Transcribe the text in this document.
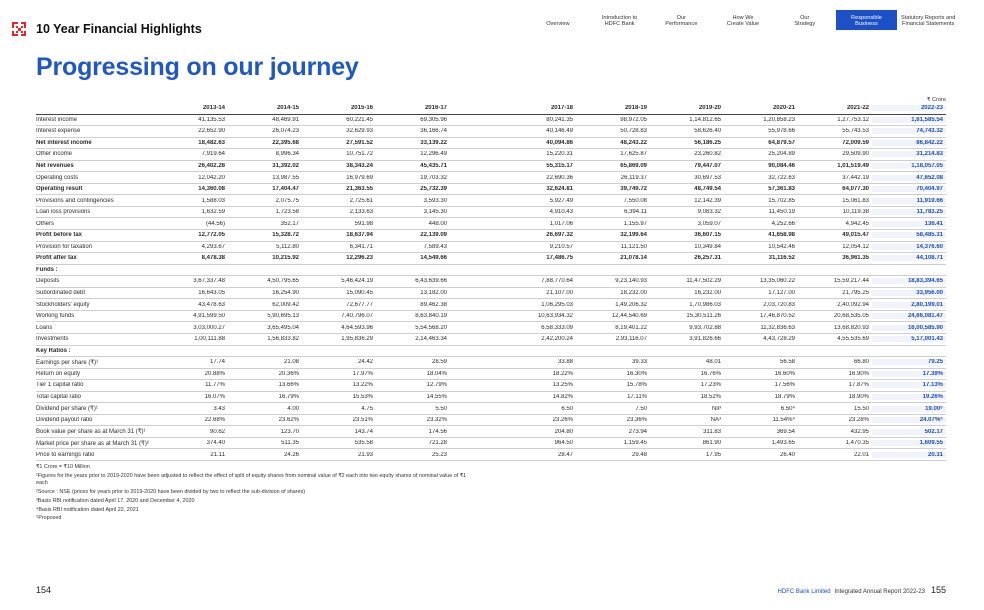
10 Year Financial Highlights	Overview
Introduction to
HDFC Bank
Our
Performance
How We
Create Value
Our
Strategy
Responsible
Business
Statutory Reports and
Financial Statements
Progressing on our journey
₹ Crore
2013-14	2014-15	2015-16	2016-17	2017-18	2018-19	2019-20	2020-21	2021-22	2022-23
Interest income	41,135.53	48,469.91	60,221.45	69,305.96	80,241.35	98,972.05	1,14,812.65	1,20,858.23	1,27,753.12	1,61,585.54
Interest expense	22,652.90	26,074.23	32,629.93	36,166.74	40,146.49	50,728.83	58,626.40	55,978.66	55,743.53	74,743.32
Net interest income	18,482.63	22,395.68	27,591.52	33,139.22	40,094.86	48,243.22	56,186.25	64,879.57	72,009.59	86,842.22
Other income	7,919.64	8,996.34	10,751.72	12,296.49	15,220.31	17,625.87	23,260.82	25,204.89	29,509.90	31,214.83
Net revenues	26,402.28	31,392.02	38,343.24	45,435.71	55,315.17	65,869.09	79,447.07	90,084.46	1,01,519.49	1,18,057.05
Operating costs	12,042.20	13,987.55	16,979.69	19,703.32	22,690.36	26,119.37	30,697.53	32,722.63	37,442.19	47,652.08
Operating result	14,360.08	17,404.47	21,363.55	25,732.39	32,624.81	39,749.72	48,749.54	57,361.83	64,077.30	70,404.97
Provisions and contingencies	1,588.03	2,075.75	2,725.61	3,593.30	5,927.49	7,550.08	12,142.39	15,702.85	15,061.83	11,919.66
Loan loss provisions	1,632.59	1,723.58	2,133.63	3,145.30	4,910.43	6,394.11	9,083.32	11,450.19	10,119.38	11,783.25
Others	(44.56)	352.17	591.98	448.00	1,017.06	1,155.97	3,059.07	4,252.66	4,942.45	136.41
Profit before tax	12,772.05	15,328.72	18,637.94	22,139.09	26,697.32	32,199.64	36,607.15	41,658.98	49,015.47	58,485.31
Provision for taxation	4,293.67	5,112.80	6,341.71	7,589.43	9,210.57	11,121.50	10,349.84	10,542.46	12,054.12	14,376.60
Profit after tax	8,478.38	10,215.92	12,296.23	14,549.66	17,486.75	21,078.14	26,257.31	31,116.52	36,961.35	44,108.71
Funds :
Deposits	3,67,337.48	4,50,795.65	5,46,424.19	6,43,639.66	7,88,770.64	9,23,140.93	11,47,502.29	13,35,060.22	15,59,217.44	18,83,394.65
Subordinated debt	16,643.05	16,254.90	15,090.45	13,182.00	21,107.00	18,232.00	16,232.00	17,127.00	21,795.25	33,956.00
Stockholders' equity	43,478.63	62,009.42	72,677.77	89,462.38	1,06,295.03	1,49,206.32	1,70,986.03	2,03,720.83	2,40,092.94	2,80,199.01
Working funds	4,91,599.50	5,90,695.13	7,40,796.07	8,63,840.19	10,63,934.32	12,44,540.69	15,30,511.26	17,46,870.52	20,68,535.05	24,66,081.47
Loans	3,03,000.27	3,65,495.04	4,64,593.96	5,54,568.20	6,58,333.09	8,19,401.22	9,93,702.88	11,32,836.63	13,68,820.93	16,00,585.90
Investments	1,00,111.88	1,56,833.82	1,95,836.29	2,14,463.34	2,42,200.24	2,93,116.07	3,91,826.66	4,43,728.29	4,55,535.69	5,17,001.43
Key Ratios :
Earnings per share (₹)¹	17.74	21.08	24.42	28.59	33.88	39.33	48.01	56.58	66.80	79.25
Return on equity	20.88%	20.36%	17.97%	18.04%	18.22%	16.30%	16.76%	16.60%	16.90%	17.39%
Tier 1 capital ratio	11.77%	13.66%	13.22%	12.79%	13.25%	15.78%	17.23%	17.56%	17.87%	17.13%
Total capital ratio	16.07%	16.79%	15.53%	14.55%	14.82%	17.11%	18.52%	18.79%	18.90%	19.26%
Dividend per share (₹)¹	3.43	4.00	4.75	5.50	6.50	7.50	Nil³	6.50⁴	15.50	19.00⁵
Dividend payout ratio	22.68%	23.62%	23.51%	23.32%	23.26%	23.36%	NA³	11.54%⁴	23.28%	24.07%⁵
Book value per share as at March 31 (₹)¹	90.62	123.70	143.74	174.56	204.80	273.94	311.83	369.54	432.95	502.17
Market price per share as at March 31 (₹)²	374.40	511.35	535.58	721.28	964.50	1,159.45	861.90	1,493.65	1,470.35	1,609.55
Price to earnings ratio	21.11	24.26	21.93	25.23	28.47	29.48	17.95	26.40	22.01	20.31
₹1 Crore = ₹10 Million
¹Figures for the years prior to 2019-2020 have been adjusted to reflect the effect of split of equity shares from nominal value of ₹2 each into two equity shares of nominal value of ₹1 each
²Source : NSE (prices for years prior to 2019-2020 have been divided by two to reflect the sub-division of shares)
³Basis RBI notification dated April 17, 2020 and December 4, 2020
⁴Basis RBI notification dated April 22, 2021
⁵Proposed
154	HDFC Bank Limited Integrated Annual Report 2022-23 155
